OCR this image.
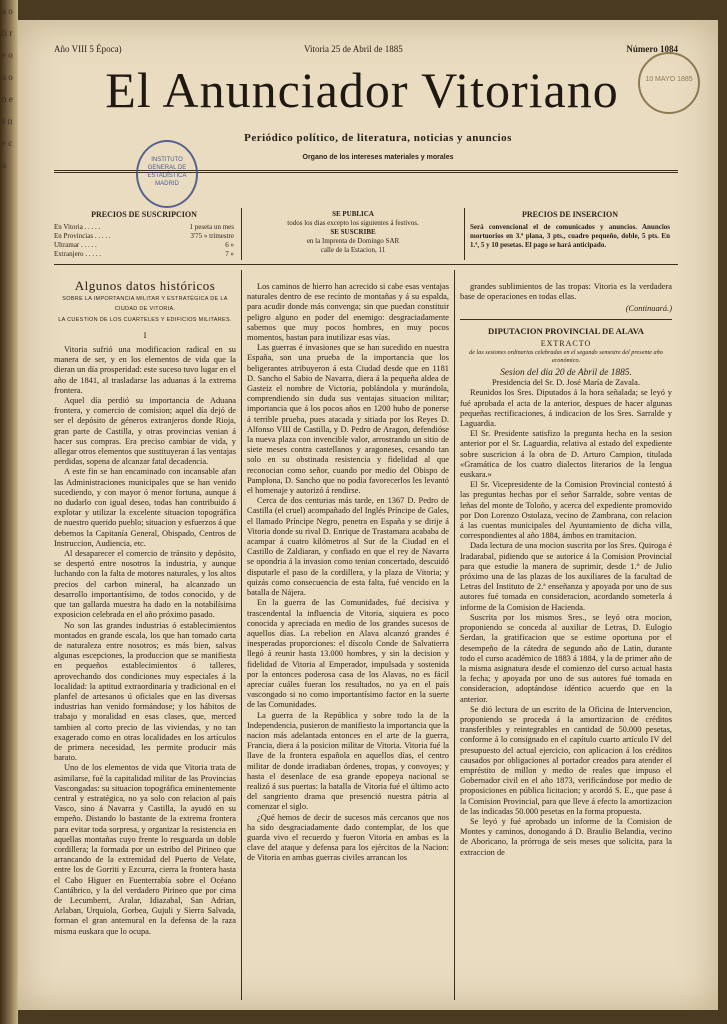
a o ti r e o a o n e s n e c a
Año VIII 5 Época)	Vitoria 25 de Abril de 1885	Número 1084
El Anunciador Vitoriano
Periódico político, de literatura, noticias y anuncios
Organo de los intereses materiales y morales
INSTITUTO GENERAL DE ESTADÍSTICA MADRID
10 MAYO 1885
PRECIOS DE SUSCRIPCION
En Vitoria . . . . .	1 peseta un mes
En Provincias . . . . .	3'75 » trimestre
Ultramar . . . . .	6 »
Extranjero . . . . .	7 »
SE PUBLICA
todos los dias excepto los siguientes á festivos.
SE SUSCRIBE
en la Imprenta de Domingo SAR
calle de la Estacion, 11
PRECIOS DE INSERCION
Será convencional el de comunicados y anuncios. Anuncios mortuorios en 3.ª plana, 3 pts., cuadro pequeño, doble, 5 pts. En 1.ª, 5 y 10 pesetas. El pago se hará anticipado.
Algunos datos históricos
SOBRE LA IMPORTANCIA MILITAR Y ESTRATÉGICA DE LA CIUDAD DE VITORIA.
LA CUESTION DE LOS CUARTELES Y EDIFICIOS MILITARES.
I

Vitoria sufrió una modificacion radical en su manera de ser, y en los elementos de vida que la dieran un día prosperidad: este suceso tuvo lugar en el año de 1841, al trasladarse las aduanas á la extrema frontera.

Aquel día perdió su importancia de Aduana frontera, y comercio de comision; aquel día dejó de ser el depósito de géneros extranjeros donde Rioja, gran parte de Castilla, y otras provincias venian á hacer sus compras. Era preciso cambiar de vida, y allegar otros elementos que sustituyeran á las ventajas perdidas, sopena de alcanzar fatal decadencia.

A este fin se han encaminado con incansable afan las Administraciones municipales que se han venido sucediendo, y con mayor ó menor fortuna, aunque á no dudarlo con igual deseo, todas han contribuido á explotar y utilizar la excelente situacion topográfica de nuestro querido pueblo; situacion y esfuerzos á que debemos la Capitanía General, Obispado, Centros de Instruccion, Audiencia, etc.

Al desaparecer el comercio de tránsito y depósito, se despertó entre nosotros la industria, y aunque luchando con la falta de motores naturales, y los altos precios del carbon mineral, ha alcanzado un desarrollo importantísimo, de todos conocido, y de que tan gallarda muestra ha dado en la notabilísima exposicion celebrada en el año próximo pasado.

No son las grandes industrias ó establecimientos montados en grande escala, los que han tomado carta de naturaleza entre nosotros; es más bien, salvas algunas escepciones, la produccion que se manifiesta en pequeños establecimientos ó talleres, aprovechando dos condiciones muy especiales á la localidad: la aptitud extraordinaria y tradicional en el planfel de artesanos ú oficiales que en las diversas industrias han venido formándose; y los hábitos de trabajo y moralidad en esas clases, que, merced tambien al corto precio de las viviendas, y no tan exagerado como en otras localidades en los artículos de primera necesidad, les permite producir más barato.

Uno de los elementos de vida que Vitoria trata de asimilarse, fué la capitalidad militar de las Provincias Vascongadas: su situacion topográfica eminentemente central y estratégica, no ya solo con relacion al país Vasco, sino á Navarra y Castilla, la ayudó en su empeño. Distando lo bastante de la extrema frontera para evitar toda sorpresa, y organizar la resistencia en aquellas montañas cuyo frente lo resguarda un doble cordillera; la formada por un estribo del Pirineo que arrancando de la extremidad del Puerto de Velate, entre los de Gorriti y Ezcurra, cierra la frontera hasta el Cabo Higuer en Fuenterrabía sobre el Océano Cantábrico, y la del verdadero Pirineo que por cima de Lecumberri, Aralar, Idiazabal, San Adrian, Arlaban, Urquiola, Gorbea, Gujuli y Sierra Salvada, forman el gran antemural en la defensa de la raza misma euskara que lo ocupa.

Los caminos de hierro han acrecido si cabe esas ventajas naturales dentro de ese recinto de montañas y á su espalda, para acudir donde más convenga; sin que puedan constituir peligro alguno en poder del enemigo: desgraciadamente sabemos que muy pocos hombres, en muy pocos momentos, bastan para inutilizar esas vías.

Las guerras é invasiones que se han sucedido en nuestra España, son una prueba de la importancia que los beligerantes atribuyeron á esta Ciudad desde que en 1181 D. Sancho el Sabio de Navarra, diera á la pequeña aldea de Gasteiz el nombre de Victoria, poblándola y murándola, comprendiendo sin duda sus ventajas situacion militar; importancia que á los pocos años en 1200 hubo de ponerse á terrible prueba, pues atacada y sitiada por los Reyes D. Alfonso VIII de Castilla, y D. Pedro de Aragon, defendióse la nueva plaza con invencible valor, arrostrando un sitio de siete meses contra castellanos y aragoneses, cesando tan solo en su obstinada resistencia y fidelidad al que reconocian como señor, cuando por medio del Obispo de Pamplona, D. Sancho que no podia favorecerlos les levantó el homenaje y autorizó á rendirse.

Cerca de dos centurias más tarde, en 1367 D. Pedro de Castilla (el cruel) acompañado del Inglés Príncipe de Gales, el llamado Príncipe Negro, penetra en España y se dirije á Vitoria donde su rival D. Enrique de Trastamara acababa de acampar á cuatro kilómetros al Sur de la Ciudad en el Castillo de Zaldiaran, y confiado en que el rey de Navarra se opondria á la invasion como tenian concertado, descuidó disputarle el paso de la cordillera, y la plaza de Vitoria; y quizás como consecuencia de esta falta, fué vencido en la batalla de Nájera.

En la guerra de las Comunidades, fué decisiva y trascendental la influencia de Vitoria, siquiera es poco conocida y apreciada en medio de los grandes sucesos de aquellos días. La rebelion en Alava alcanzó grandes é inesperadas proporciones: el díscolo Conde de Salvatierra llegó á reunir hasta 13.000 hombres, y sin la decision y fidelidad de Vitoria al Emperador, impulsada y sostenida por la entonces poderosa casa de los Alavas, no es fácil apreciar cuáles fueran los resultados, no ya en el país vascongado si no como importantísimo factor en la suerte de las Comunidades.

La guerra de la República y sobre todo la de la Independencia, pusieron de manifiesto la importancia que la nacion más adelantada entonces en el arte de la guerra, Francia, diera á la posicion militar de Vitoria. Vitoria fué la llave de la frontera española en aquellos días, el centro militar de donde irradiaban órdenes, tropas, y convoyes; y hasta el desenlace de esa grande epopeya nacional se realizó á sus puertas: la batalla de Vitoria fué el último acto del sangriento drama que presenció nuestra pátria al comenzar el siglo.

¿Qué hemos de decir de sucesos más cercanos que nos ha sido desgraciadamente dado contemplar, de los que guarda vivo el recuerdo y fueron Vitoria en ambas es la clave del ataque y defensa para los ejércitos de la Nacion: de Vitoria en ambas guerras civiles arrancan los

grandes sublimientos de las tropas: Vitoria es la verdadera base de operaciones en todas ellas.

(Continuará.)
DIPUTACION PROVINCIAL DE ALAVA
EXTRACTO
de las sesiones ordinarias celebradas en el segundo semestre del presente año económico.
Sesion del dia 20 de Abril de 1885.
Presidencia del Sr. D. José María de Zavala.

Reunidos los Sres. Diputados á la hora señalada; se leyó y fué aprobada el acta de la anterior, despues de hacer algunas pequeñas rectificaciones, á indicacion de los Sres. Sarralde y Laguardia.

El Sr. Presidente satisfizo la pregunta hecha en la sesion anterior por el Sr. Laguardia, relativa al estado del expediente sobre suscricion á la obra de D. Arturo Campion, titulada «Gramática de los cuatro dialectos literarios de la lengua euskara.»

El Sr. Vicepresidente de la Comision Provincial contestó á las preguntas hechas por el señor Sarralde, sobre ventas de leñas del monte de Toloño, y acerca del expediente promovido por Don Lorenzo Ostolaza, vecino de Zambrana, con relacion á las cuentas municipales del Ayuntamiento de dicha villa, correspondientes al año 1884, ámbos en tramitacion.

Dada lectura de una mocion suscrita por los Sres. Quiroga é Iradarabal, pidiendo que se autorice á la Comision Provincial para que estudie la manera de suprimir, desde 1.° de Julio próximo una de las plazas de los auxiliares de la facultad de Letras del Instituto de 2.ª enseñanza y apoyada por uno de sus autores fué tomada en consideracion, acordando someterla á informe de la Comision de Hacienda.

Suscrita por los mismos Sres., se leyó otra mocion, proponiendo se conceda al auxiliar de Letras, D. Eulogio Serdan, la gratificacion que se estime oportuna por el desempeño de la cátedra de segundo año de Latin, durante todo el curso académico de 1883 á 1884, y la de primer año de la misma asignatura desde el comienzo del curso actual hasta la fecha; y apoyada por uno de sus autores fué tomada en consideracion, adoptándose idéntico acuerdo que en la anterior.

Se dió lectura de un escrito de la Oficina de Intervencion, proponiendo se proceda á la amortizacion de créditos transferibles y reintegrables en cantidad de 50.000 pesetas, conforme á lo consignado en el capítulo cuarto artículo IV del presupuesto del actual ejercicio, con aplicacion á los créditos causados por obligaciones al portador creados para atender el empréstito de millon y medio de reales que impuso el Gobernador civil en el año 1873, verificándose por medio de proposiciones en pública licitacion; y acordó S. E., que pase á la Comision Provincial, para que lleve á efecto la amortizacion de las indicadas 50.000 pesetas en la forma propuesta.

Se leyó y fué aprobado un informe de la Comision de Montes y caminos, donogando á D. Braulio Belandia, vecino de Aboricano, la prórroga de seis meses que solicita, para la extraccion de
